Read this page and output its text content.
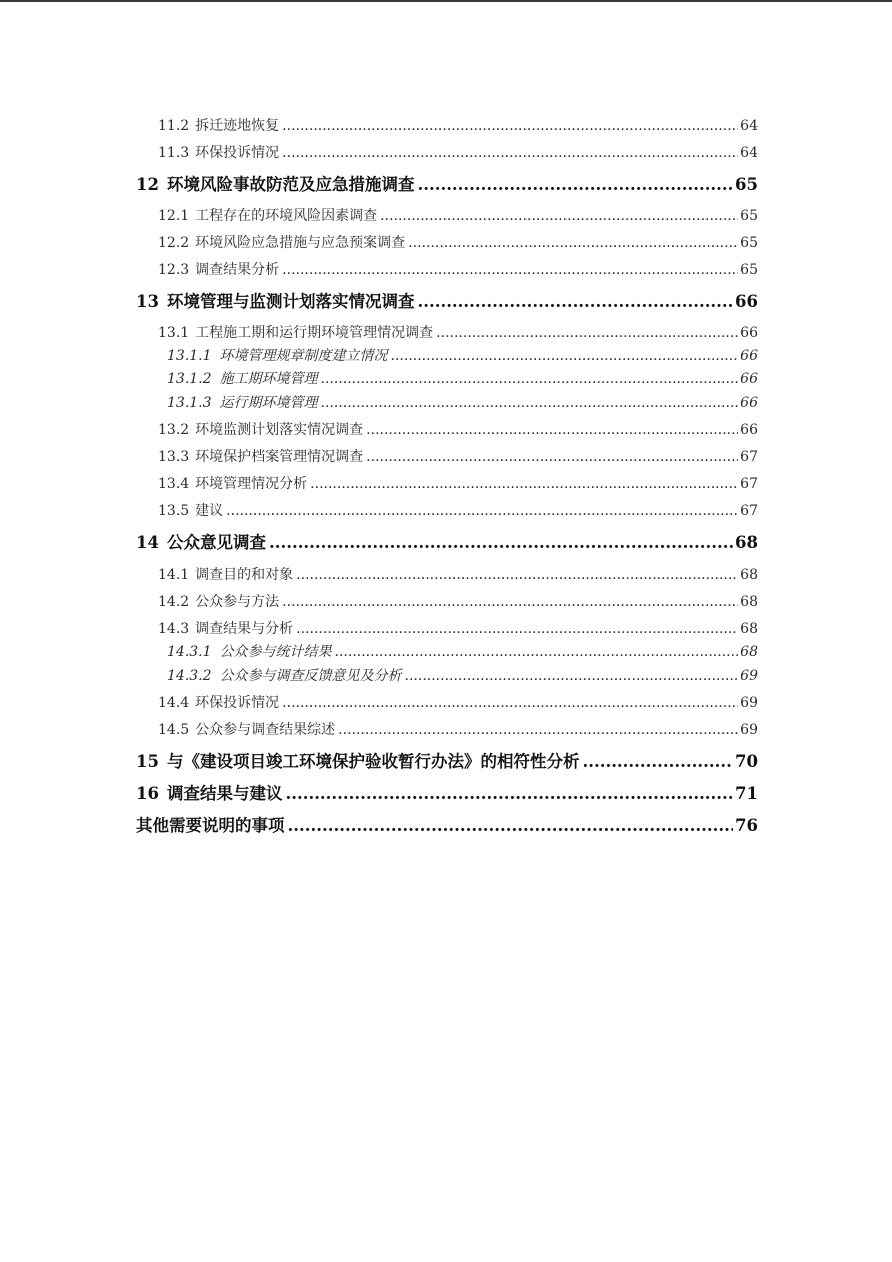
11.2 拆迁迹地恢复 .....	64
11.3 环保投诉情况 .....	64
12 环境风险事故防范及应急措施调查 .....	65
12.1 工程存在的环境风险因素调查 .....	65
12.2 环境风险应急措施与应急预案调查 .....	65
12.3 调查结果分析 .....	65
13 环境管理与监测计划落实情况调查 .....	66
13.1 工程施工期和运行期环境管理情况调查 .....	66
13.1.1 环境管理规章制度建立情况 .....	66
13.1.2 施工期环境管理 .....	66
13.1.3 运行期环境管理 .....	66
13.2 环境监测计划落实情况调查 .....	66
13.3 环境保护档案管理情况调查 .....	67
13.4 环境管理情况分析 .....	67
13.5 建议 .....	67
14 公众意见调查 .....	68
14.1 调查目的和对象 .....	68
14.2 公众参与方法 .....	68
14.3 调查结果与分析 .....	68
14.3.1 公众参与统计结果 .....	68
14.3.2 公众参与调查反馈意见及分析 .....	69
14.4 环保投诉情况 .....	69
14.5 公众参与调查结果综述 .....	69
15 与《建设项目竣工环境保护验收暂行办法》的相符性分析 .....	70
16 调查结果与建议 .....	71
其他需要说明的事项 .....	76
